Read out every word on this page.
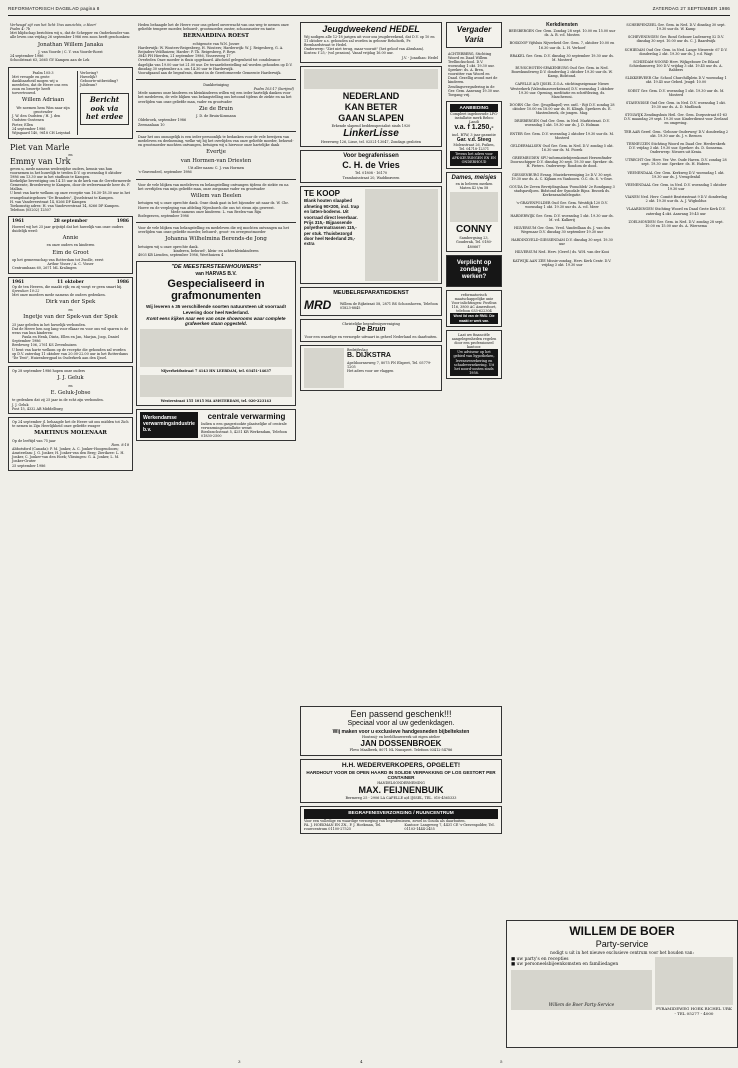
REFORMATORISCH DAGBLAD pagina 8	ZATERDAG 27 SEPTEMBER 1986
Verheugd zijt van het licht Uws aanzichts, o Heer!
Psalm 4: 7b
Met blijdschap berichten wij u, dat de Schepper en Onderhouder van alle leven ons vrijdag 26 september 1986 een zoon heeft geschonken:
Jonathan Willem Janaka
J. van Voorde / C. Y. van Voorde-Roest
24 september 1986
Schoolstraat 63, 2665 GV Kampen aan de Lek
Psalm 105:3
Met vreugde en grote dankbaarheid mogen wij u meedelen, dat de Heere ons een zoon en broertje heeft toevertrouwd.
Willem Adriaan
We noemen hem Wim naar zijn grootvader
J. W. den Oudsten / H. J. den Oudsten-Oostenen
Pieter, Ellen
24 september 1986
Wijngaard 140, 9618 CH Leiystad
Verloving?
Huwelijk?
Geboorte-uitbreiding?
Jubileum?
Bericht ook via het erdee
Piet van Marle
en
Emmy van Urk
geven u, mede namens wederzijdse ouders, kennis van hun voornemen in het huwelijk te treden D.V. op woensdag 8 oktober 1986 om 13.30 uur in het stadhuis te Kampen.
Kerkelijke bevestiging om 14.15 uur in de kerk van de Gereformeerde Gemeente, Broederweg te Kampen, door de weleerwaarde heer ds. F. Mallan.
U bent van harte welkom op onze receptie van 16.30-18.30 uur in het evangelisatiegebouw "De Brandeis", IJsselstraat te Kampen.
H. van Vandeverstraat 14, 8266 DP Kampen
Toekomstig adres: H. van Vandeverstraat 14, 8266 DP Kampen. Telefoon (05202) 12507
1961	28 september	1986
Hoewel wij het 25 jaar grijstijd dat het huwelijk van onze ouders duidelijk werd:
Annie
en onze ouders en kinderen
Eim de Groot
op het gemeenschap van Rotterdam tot Zwolle, eerst
Arthur Visser / A. C. Visser
Centrumbaan 60, 2671 ML Kralingen
1961	11 oktober	1986
Op de ten Heeren, die maakt rijk; en zij voegt er geen smart bij.
Spreuken 10:22
Met onze moeders mede namens de ouders gedenken.
Dirk van der Spek
en
Ingetje van der Spek-van der Spek
25 jaar geleden in het huwelijk verbonden.
Dat de Heere hen nog lang voor elkaar en voor ons wil sparen is de wens van hun kinderen:
Paula en Henk, Dinta, Ellen en Jan, Marjan, Joop, Daniel
September 1986
Bredeweg 106, 2761 KS Zevenhuizen
U bent van harte welkom op de receptie die gehouden zal worden op D.V. zaterdag 11 oktober van 20.00-22.00 uur in het Rotterdams "De Tent", Huizenbergpad in Ouderkerk aan den IJssel.
Op 28 september 1986 hopen onze ouders
J. J. Geluk
en
E. Geluk-Jobse
te gedenken dat zij 25 jaar in de echt zijn verbonden.
J. J. Geluk
Post 15, 4332 AB Middelburg
Op 24 september jl. behaagde het de Heere uit ons midden tot Zich te nemen in Zijn Heerlijkheid onze geliefde zwager
MARTINUS MOLENAAR
Op de leeftijd van 75 jaar
Rom. 8:18
Abbotsford (Canada): P. M. Jonker, A. C. Jonker-Hoogendoorn; Amsterdam: J. G. Jonker, H. Jonker-van den Berg; Zierikzee: L. H. Jonker, C. Jonker-van den Hoek; Vlissingen: G. A. Jonker, L. M. Jonker-Gruter
25 september 1986
Heden behaagde het de Heere voor ons geheel onverwacht van ons weg te nemen onze geliefde tempere moeder, behuwd-, grootmoeder, zuster, schoonzuster en tante
BERNARDINA ROEST
echtgenote van W.N. Jouwe
Harderwijk: W. Wouters-Reigesberg, H. Wouters; Harderwijk: W. J. Reigesberg, G. A. Reijnders-Veldhuizen; Harder: P. Th. Reigesberg, P. Reyn
3845 PH Hierden, 21 september 1986, Vissersweg 17
Overleden Onze moeder is thuis opgebaard. Afscheid gelegenheid tot condoleance dagelijks van 19.00 uur tot 21.00 uur. De teraardebestelling zal worden gehouden op D.V. dinsdag 30 september a.s. om 14.30 uur te Harderwijk.
Voorafgaand aan de begrafenis, dienst in de Gereformeerde Gemeente Harderwijk.
Dankbetuiging
Psalm 103:17 (berijmd)
Mede namens onze kinderen en kleinkinderen willen wij een ieder hartelijk danken voor het medeleven, de vele blijken van belangstelling ons betoond tijdens de ziekte en na het overlijden van onze geliefde man, vader en grootvader
Zie de Bruin
J. D. de Bruin-Kosmann
Oldebroek, september 1986
Zeemanlaan 10
Daar het ons onmogelijk is een ieder persoonlijk te bedanken voor de vele bewijzen van medeleven en deelneming, welke wij bij het overlijden van onze geliefde moeder, behuwd- en grootmoeder mochten ontvangen, betuigen wij u hiervoor onze hartelijke dank
Evertje
van Hormen-van Driesten
Uit aller naam: C. J. van Hormen
's-Gravendeel, september 1986
Voor de vele blijken van medeleven en belangstelling ontvangen tijdens de ziekte en na het overlijden van mijn geliefde man, onze zorgzame vader en grootvader
Willem van Beelen
betuigen wij u onze oprechte dank. Onze dank gaat in het bijzonder uit naar ds. W. Chr. Hoeve en de verpleging van afdeling Nijenborch die ons tot steun zijn geweest.
Mede namens onze kinderen: L. van Beelen-van Rijn
Bodegraven, september 1986
Voor de vele blijken van belangstelling en medeleven die wij mochten ontvangen na het overlijden van onze geliefde moeder, behuwd-, groot- en overgrootmoeder
Johanna Wilhelmina Berends-de Jong
betuigen wij u onze oprechte dank.
kinderen, behuwd-, klein- en achterkleinkinderen
4003 KB Lienden, september 1986, Weethuizen 4
"DE MEESTERSTEENHOUWERS"
van HARVAS B.V.
Gespecialiseerd in grafmonumenten
Wij leveren ± 35 verschillende soorten natuursteen uit voorraad! Levering door heel Nederland.
Komt eens kijken naar een van onze showrooms waar complete grafwerken staan opgesteld.
Nijverheidsstraat 7 4143 HN LEERDAM, tel. 03451-14637
Westerstraat 155 1015 MA AMSTERDAM, tel. 020-223143
Werkendamse verwarmingsindustrie b.v.
centrale verwarming
Indien u een gasgestookte plaatselijke of centrale verwarmingsinstallatie wenst
Biesboschstraat 5, 4251 KR Werkendam, Telefoon 01830-2500
Jeugdweekend HEDEL
Wij nodigen alle 12-18 jarigen uit voor ons jeugdweekend, dat D.V. op 10 en 11 oktober a.s. gehouden zal worden in gebouw Rehoboth, Pr. Bernhardstraat te Hedel.
Onderwerp: "Ziet niet terug, maar vooruit" (het geloof van Abraham). Kosten: f 25,- (vol pension). Vanaf vrijdag 16.00 uur.
J.V. - Jonathan: Hedel
NEDERLAND
KAN BETER
GAAN SLAPEN
Erkende slapend beddenspecialist sinds 1920
LinkerLisse
Heereweg 126, Lisse, tel. 02521-13047, Zondags gesloten
Voor begrafenissen
C. H. de Vries
Tel. 01808 - 16170
Tramhuisstraat 20, Waddinxveen
TE KOOP
Blank houten slaapbed afmeting 90×200, incl. trap en latten-bodems. Uit voorraad direct leverbaar. Prijs 315,- Bijpassende polyethermatrassen 115,- per stuk. Thuisbezorgd door heel Nederland 25,- extra
MEUBELREPARATIEDIENST
MRD	Willem de Rijkstraat 58, 2871 BS Schoonhoven, Telefoon 01823-8845
Christelijke begrafenisvereniging
De Bruin
Voor een waardige en verzorgde uitvaart in geheel Nederland en daarbuiten.
Bedrijfsvlag
B. DIJKSTRA
Apeldoornseweg 7, 8075 PN Elspeet, Tel. 05779-1205
Het adres voor uw vlaggen
Een passend geschenk!!!
Speciaal voor al uw gedenkdagen.
Wij maken voor u exclusieve handgesneden bijbelteksten
Houtsnij- en beeldhouwwerk uit eigen atelier
JAN DOSSENBROEK
Flevo Maalbeek, 8071 NL Nunspeet. Telefoon 03412-54786
H.H. WEDERVERKOPERS, OPGELET!
HARDHOUT VOOR DE OPEN HAARD IN SOLIDE VERPAKKING OF LOS GESTORT PER CONTAINER
HANDELSONDERNEMING
MAX. FEIJNENBUIK
Bermweg 25 - 2906 LA CAPELLE a/d IJSSEL, TEL. 010-4565333
BEGRAFENISVERZORGING / RUUNCENTRUM
Voor een volledige en waardige verzorging van begrafenissen, zowel in Gouda als daarbuiten.
FA. J. HOEKMAN EN ZN., P. J. Hoekman, Tel. rouwcentrum 01100-27525
Kantoor: Langeweg 7, 4431 CE 's-Gravenpolder, Tel. 01103-1444-2455
Vergader
Varia
ACHTERBERG, Stichting Woord en Daad Willem Teellinckschool. D.V. woensdag 1 okt. 19.30 uur. Spreker: ds. A. Bren, voorzitter van Woord en Daad. Gezellig avond met de kinderen. Zendingsvergadering in de Ger. Gem. Aanvang 19.30 uur. Toegang vrij.
AANBIEDING
Compleet ingebouwde LPG-installatie merk Rebco Landi
v.a. f 1.250,-
incl. BTW, 3 jaar garantie
Gar. v.d. Steeg
Molenstraat 26, Puiken, Tel. 04718-12371
Tevens het adres voor APK-KEURINGEN EN EN ONDERHOUD
Dames, meisjes
en in beleren merken
Maten 42 t/m 58
CONNY
Sambergsing 23, Gouderak, Tel. 0180-480667
Verplicht op zondag te werken?
reformatorisch maatschappelijke unie
Voor inlichtingen: Postbus 116, 3800 AC Amersfoort, telefoon 033-622304
Word lid van de RMU. Die maakt er werk van.
Laat uw financiële aangelegenheden regelen door een professioneel kantoor.
Uw adviseur op het gebied van hypotheken, levensverzekering en schadeverzekering. Uit het noord-oosten sinds 1958.
Kerkdiensten
BEESBERGEN Ger. Gem. Zondag 28 sept. 10.00 en 15.00 uur ds. A. B. v.d. Mosten
BOSKOOP Vijfsluis Nijverheid Ger. Gem. 7, oktober 10.00 en 16.30 uur ds. L. H. Verhoef
BRAKEL Ger. Gem. D.V. dinsdag 30 september 19.30 uur ds. M. Mosterd
BUNSCHOTEN-SPAKENBURG Oud Ger. Gem. in Ned. Bouwkundeweg D.V. donderdag 2 oktober 19.30 uur ds. W. Kamp, Bidstond.
CAPELLE A/D IJSSEL Z.O.A. stichtingseigenaar Nieuw Westerkerk (Valentinaswerkstraat) D.V. woensdag 1 oktober 19.30 uur. Opening, meditatie en schriftlezing, ds. Mascheroni.
DOORN Chr. Ger. (Jeugdkapel) ver. ontl. - Rijt D.V. zondag 28 oktober 10.00 en 18.00 uur ds. H. Klingh. Sprekers ds. E. Mastenbroek, de jongen. Mag.
DRIEBERGEN Oud Ger. Gem. in Ned. Marktstraat. D.V. woensdag 1 okt. 19.30 uur ds. J. D. Holman
ENTER Ger. Gem. D.V. woensdag 2 oktober 19.30 uur ds. M. Mosterd
GELDERMALSEN Oud Ger. Gem. in Ned. D.V. zondag 5 okt. 16.30 uur ds. M. Piorek
GREEMBUDEN SPU-informatiebijeenkomst Hersenfinder Doornschipper D.V. dinsdag 30 sept. 19.30 uur. Spreker: ds. H. Pieters. Onderwerp: Rondom de dood.
GIESSENBURG Evang. Muziekvereniging 2e D.V. 30 sept. 19.30 uur ds. A. C. Kijkam en Vanhoorn. O.C. ds. S. 's-Grav.
GOUDA De Zeven Bevrijdingslaan 'Pomoblek' 2e Rondgang 3 stadspaviljoen. Bidstond der Synodale Rijnz. Bezoek ds. Kerkenraadsdelegatie.
's-GRAVENPOLDER Oud Ger. Gem. Westdijk 120 D.V. woensdag 1 okt. 19.30 uur ds. A. v.d. Meer
HARDERWIJK Ger. Gem. D.V. woensdag 1 okt. 19.30 uur ds. M. v.d. Kalkerij
HILVERSUM Ger. Gem. Vred. Vandedlaan ds. J. van den Wegenaar D.V. dinsdag 30 september 19.30 uur
HARDINXVELD-GIESSENDAM D.V. dinsdag 30 sept. 19.30 uur
HILVERSUM Ned. Herv. (Geref.) ds. W.H. van der Kooi
KATWIJK AAN ZEE Missie-zondag, Herv. Kerk Centr. D.V. vrijdag 3 okt. 19.30 uur
SCHERPENZEEL Ger. Gem. in Ned. D.V. dinsdag 30 sept. 19.30 uur ds. W. Kamp
SCHEVENINGEN Ger. Bond Gebouw Ludenweg 52 D.V. dinsdag 30 sept. 10.00 uur ds. C. J. Baardwijk
SCHIEDAM Oud Ger. Gem. in Ned. Lange Nieuwstr. 67 D.V. donderdag 2 okt. 19.30 uur ds. J. v.d. Wagt
SCHIEDAM-NOORD Herv. Wijkgebouw De Eiland Schiedamsweg 100 D.V. vrijdag 3 okt. 19.45 uur ds. A. Rabbers
SLIKKERVEER Chr. School Churchillplein D.V. woensdag 1 okt. 19.45 uur Gebed. Jeugd: 10.00
SOEST Ger. Gem. D.V. woensdag 1 okt. 19.30 uur ds. M. Mosterd
STAVENISSE Oud Ger. Gem. in Ned. D.V. woensdag 1 okt. 19.30 uur ds. A. D. Mudlinok
STOLWIJK Zendingshuis Heil. Ger. Gem. Dorpsstraat 61-63 D.V. maandag 29 sept. 19.30 uur. Kinderdienst voor Zeeland en omgeving.
TER AAR Geref. Gem. 'Gebouw Onderweg' D.V. donderdag 2 okt. 19.30 uur ds. J. v. Reenen
TERNEUZEN Stichting Woord en Daad Ger. Herderskerk D.V. vrijdag 3 okt. 19.30 uur. Spreker: ds. D. Sonnema. Onderwerp: Nieuws uit Kenia.
UTRECHT Ger. Herv. Ver. Ver. Oude Haven. D.V. zondag 28 sept. 19.30 uur. Spreker: ds. H. Hubers.
VEENENDAAL Ger. Gem. Kerkweg D.V. woensdag 1 okt. 19.30 uur ds. J. Vreugdenhil
VEENENDAAL Ger. Gem. in Ned. D.V. woensdag 1 oktober 19.30 uur
VIANEN Ned. Herv. Comité Beatrixstraat 9 D.V. donderdag 2 okt. 19.30 uur ds. A. J. Wigboldus
VLAARDINGEN Stichting Woord en Daad Grote Kerk D.V. zaterdag 4 okt. Aanvang 19.45 uur
ZOELMONDEN Ger. Gem. in Ned. D.V. zondag 28 sept. 10.00 en 15.00 uur ds. A. Wiersema
WILLEM DE BOER
Party-service
nodigt u uit in het nieuwe exclusieve centrum voor het houden van:
■ uw party's en recepties
■ uw personeelsbijeenkomsten en familiedagen
Willem de Boer Party-Service
PYRAMIDEWEG HOEK RICHEL URK - TEL 05277 - 4000
3	4	5
